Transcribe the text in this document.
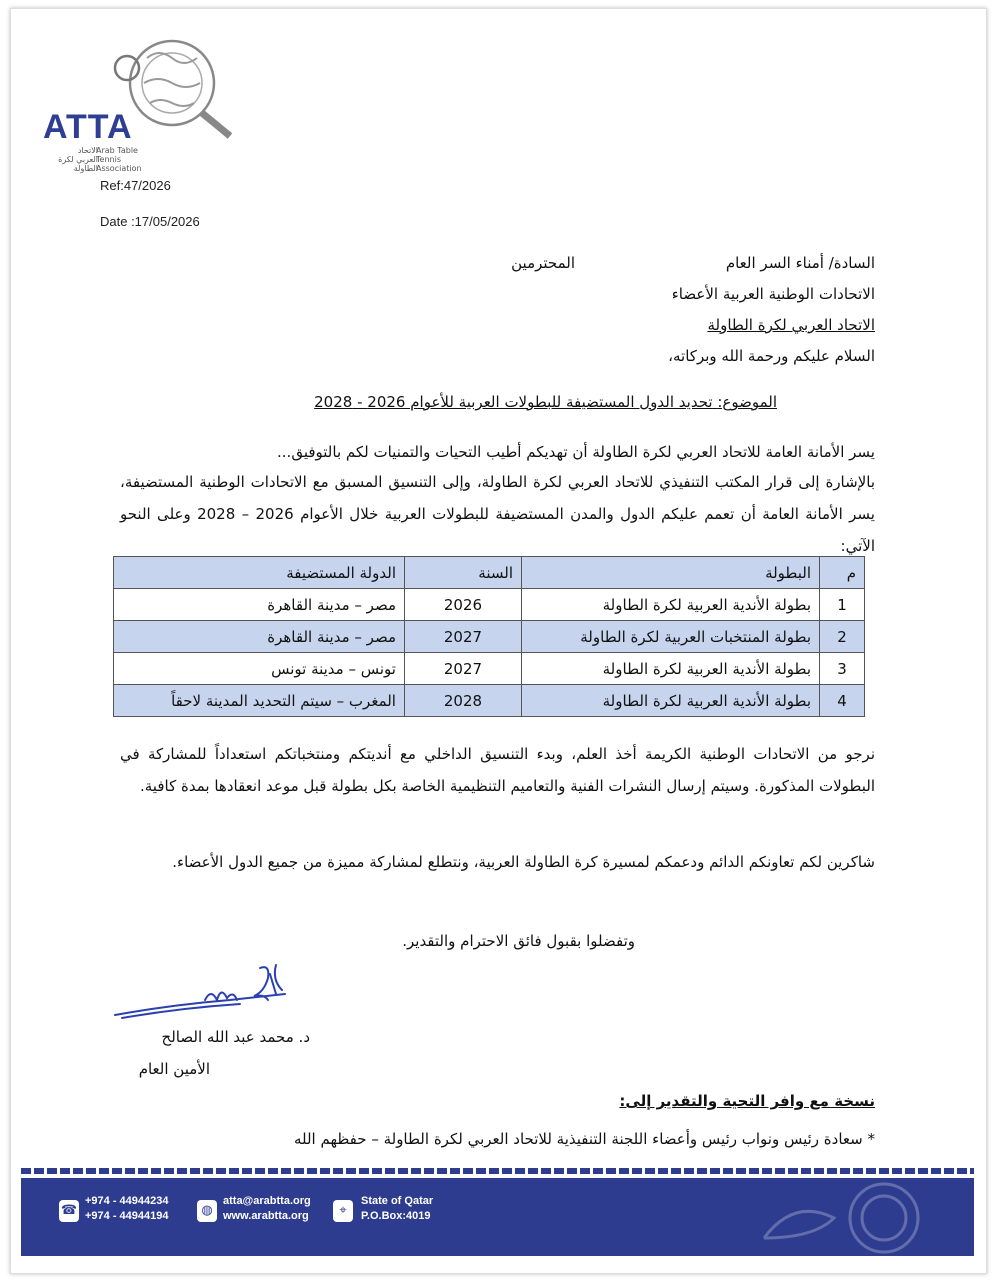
ATTA
الاتحاد العربي لكرة الطاولة
Arab Table Tennis Association
Ref:47/2026
Date :17/05/2026
السادة/ أمناء السر العام
المحترمين
الاتحادات الوطنية العربية الأعضاء
الاتحاد العربي لكرة الطاولة
السلام عليكم ورحمة الله وبركاته،
الموضوع: تحديد الدول المستضيفة للبطولات العربية للأعوام 2026 - 2028
يسر الأمانة العامة للاتحاد العربي لكرة الطاولة أن تهديكم أطيب التحيات والتمنيات لكم بالتوفيق...
بالإشارة إلى قرار المكتب التنفيذي للاتحاد العربي لكرة الطاولة، وإلى التنسيق المسبق مع الاتحادات الوطنية المستضيفة، يسر الأمانة العامة أن تعمم عليكم الدول والمدن المستضيفة للبطولات العربية خلال الأعوام 2026 – 2028 وعلى النحو الآتي:
م	البطولة	السنة	الدولة المستضيفة
1	بطولة الأندية العربية لكرة الطاولة	2026	مصر – مدينة القاهرة
2	بطولة المنتخبات العربية لكرة الطاولة	2027	مصر – مدينة القاهرة
3	بطولة الأندية العربية لكرة الطاولة	2027	تونس – مدينة تونس
4	بطولة الأندية العربية لكرة الطاولة	2028	المغرب – سيتم التحديد المدينة لاحقاً
نرجو من الاتحادات الوطنية الكريمة أخذ العلم، وبدء التنسيق الداخلي مع أنديتكم ومنتخباتكم استعداداً للمشاركة في البطولات المذكورة. وسيتم إرسال النشرات الفنية والتعاميم التنظيمية الخاصة بكل بطولة قبل موعد انعقادها بمدة كافية.
شاكرين لكم تعاونكم الدائم ودعمكم لمسيرة كرة الطاولة العربية، ونتطلع لمشاركة مميزة من جميع الدول الأعضاء.
وتفضلوا بقبول فائق الاحترام والتقدير.
د. محمد عبد الله الصالح
الأمين العام
نسخة مع وافر التحية والتقدير إلى:
* سعادة رئيس ونواب رئيس وأعضاء اللجنة التنفيذية للاتحاد العربي لكرة الطاولة – حفظهم الله
☎
+974 - 44944234
+974 - 44944194	◍
atta@arabtta.org
www.arabtta.org	⌖
State of Qatar
P.O.Box:4019
